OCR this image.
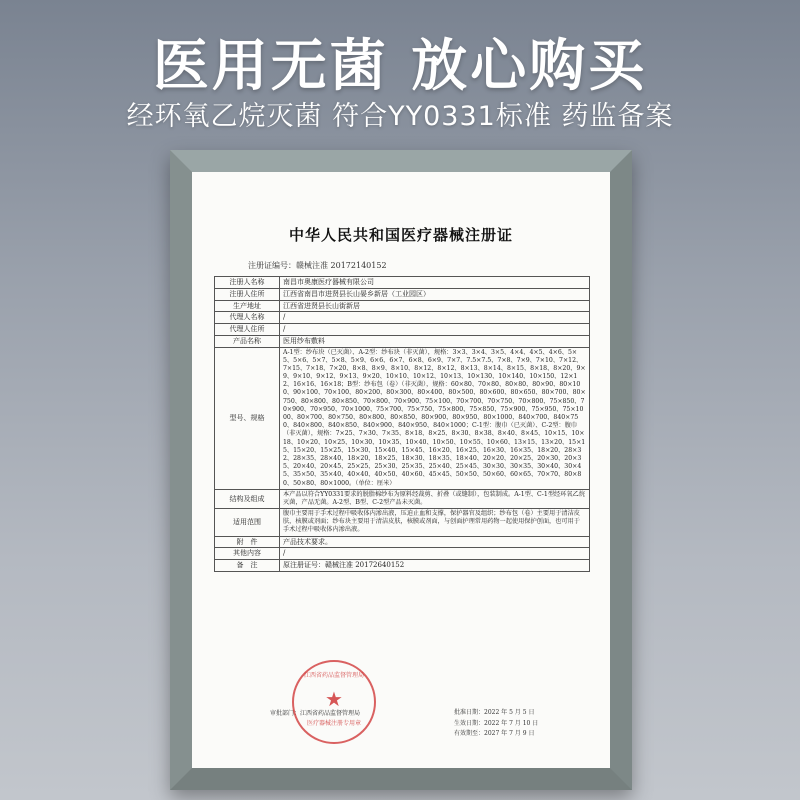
医用无菌 放心购买
经环氧乙烷灭菌 符合YY0331标准 药监备案
中华人民共和国医疗器械注册证
注册证编号：赣械注准 20172140152
注册人名称	南昌市奥康医疗器械有限公司
注册人住所	江西省南昌市进贤县长山晏乡新居（工业园区）
生产地址	江西省进贤县长山街新居
代理人名称	/
代理人住所	/
产品名称	医用纱布敷料
型号、规格	A-1型：纱布块（已灭菌）、A-2型：纱布块（非灭菌），规格：3×3、3×4、3×5、4×4、4×5、4×6、5×5、5×6、5×7、5×8、5×9、6×6、6×7、6×8、6×9、7×7、7.5×7.5、7×8、7×9、7×10、7×12、7×15、7×18、7×20、8×8、8×9、8×10、8×12、8×12、8×13、8×14、8×15、8×18、8×20、9×9、9×10、9×12、9×13、9×20、10×10、10×12、10×13、10×130、10×140、10×150、12×12、16×16、16×18；B型：纱布包（卷）（非灭菌），规格：60×80、70×80、80×80、80×90、80×100、90×100、70×100、80×200、80×300、80×400、80×500、80×600、80×650、80×700、80×750、80×800、80×850、70×800、70×900、75×100、70×700、70×750、70×800、75×850、70×900、70×950、70×1000、75×700、75×750、75×800、75×850、75×900、75×950、75×1000、80×700、80×750、80×800、80×850、80×900、80×950、80×1000、840×700、840×750、840×800、840×850、840×900、840×950、840×1000；C-1型：腹巾（已灭菌）、C-2型：腹巾（非灭菌），规格：7×25、7×30、7×35、8×18、8×25、8×30、8×38、8×40、8×45、10×15、10×18、10×20、10×25、10×30、10×35、10×40、10×50、10×55、10×60、13×15、13×20、15×15、15×20、15×25、15×30、15×40、15×45、16×20、16×25、16×30、16×35、18×20、28×32、28×35、28×40、18×20、18×25、18×30、18×35、18×40、20×20、20×25、20×30、20×35、20×40、20×45、25×25、25×30、25×35、25×40、25×45、30×30、30×35、30×40、30×45、35×50、35×40、40×40、40×50、40×60、45×45、50×50、50×60、60×65、70×70、80×80、50×80、80×1000。（单位：厘米）
结构及组成	本产品以符合YY0331要求的脱脂棉纱布为原料经裁剪、折叠（或缝制），包装制成。A-1型、C-1型经环氧乙烷灭菌，产品无菌。A-2型、B型、C-2型产品未灭菌。
适用范围	腹巾主要用于手术过程中吸收体内渗出液，压迫止血和支撑，保护器官及组织；纱布包（卷）主要用于清洁皮肤，核膜或剂面；纱布块主要用于清洁皮肤，核膜或剂面，与创面护理常用药物一起使用保护创面，也可用于手术过程中吸收体内渗出液。
附　件	产品技术要求。
其他内容	/
备　注	原注册证号：赣械注准 20172640152
审批部门：江西省药品监督管理局	批准日期：2022 年 5 月 5 日
生效日期：2022 年 7 月 10 日
有效期至：2027 年 7 月 9 日
江西省药品监督管理局
★
医疗器械注册专用章
